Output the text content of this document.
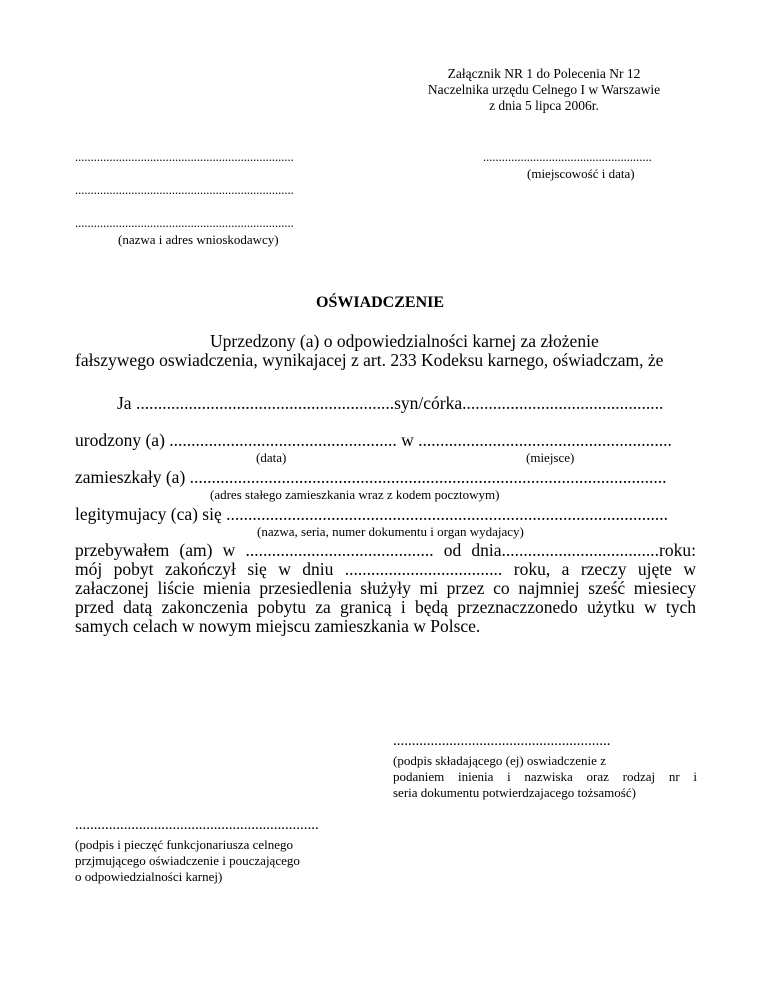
Załącznik NR 1 do Polecenia Nr 12
Naczelnika urzędu Celnego I w Warszawie
z dnia 5 lipca 2006r.
......................................................................
......................................................................
......................................................................
(nazwa i adres wnioskodawcy)
......................................................
(miejscowość i data)
OŚWIADCZENIE
Uprzedzony (a) o odpowiedzialności karnej za złożenie
fałszywego oswiadczenia, wynikajacej z art. 233 Kodeksu karnego, oświadczam, że
Ja ...........................................................syn/córka..............................................
urodzony (a) .................................................... w ..........................................................
(data)	(miejsce)
zamieszkały (a) .............................................................................................................
(adres stałego zamieszkania wraz z kodem pocztowym)
legitymujacy (ca) się .....................................................................................................
(nazwa, seria, numer dokumentu i organ wydajacy)
przebywałem (am) w ........................................... od dnia....................................roku:
mój pobyt zakończył się w dniu .................................... roku, a rzeczy ujęte w
załaczonej liście mienia przesiedlenia służyły mi przez co najmniej sześć miesiecy
przed datą zakonczenia pobytu za granicą i będą przeznaczzonedo użytku w tych
samych celach w nowym miejscu zamieszkania w Polsce.
..........................................................
(podpis składającego (ej) oswiadczenie z
podaniem inienia i nazwiska oraz rodzaj nr i
seria dokumentu potwierdzajacego tożsamość)
.................................................................
(podpis i pieczęć funkcjonariusza celnego
przjmującego oświadczenie i pouczającego
o odpowiedzialności karnej)
